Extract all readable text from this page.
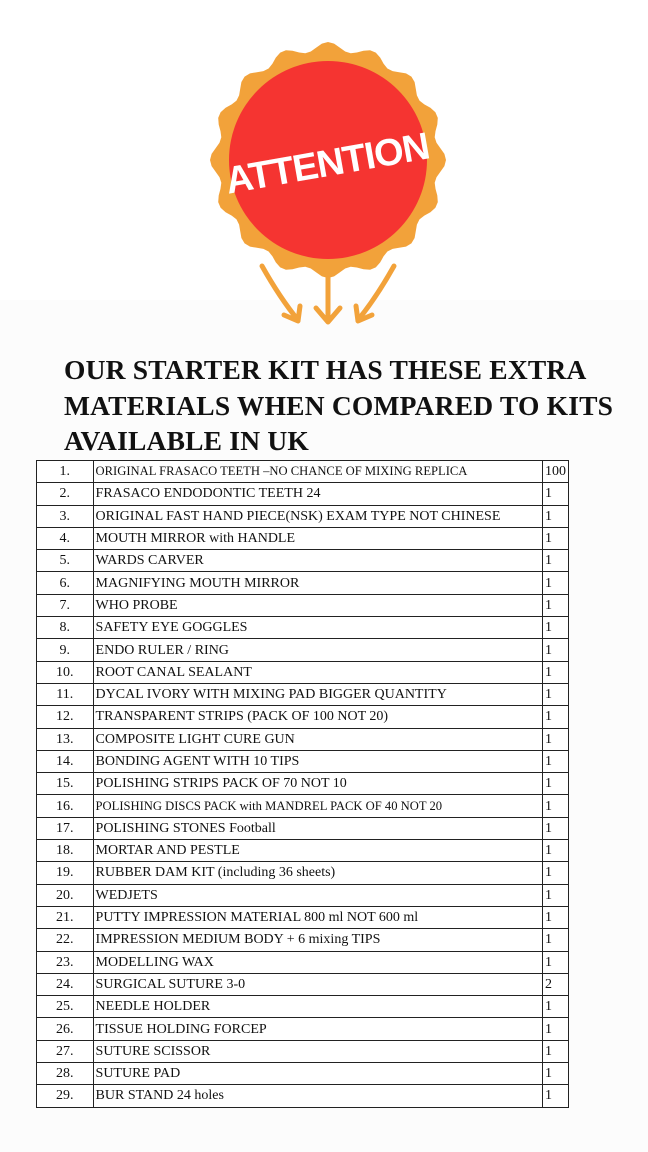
ATTENTION
OUR STARTER KIT HAS THESE EXTRA
MATERIALS WHEN COMPARED TO KITS
AVAILABLE IN UK
1.	ORIGINAL FRASACO TEETH –NO CHANCE OF MIXING REPLICA	100
2.	FRASACO ENDODONTIC TEETH 24	1
3.	ORIGINAL FAST HAND PIECE(NSK) EXAM TYPE NOT CHINESE	1
4.	MOUTH MIRROR with HANDLE	1
5.	WARDS CARVER	1
6.	MAGNIFYING MOUTH MIRROR	1
7.	WHO PROBE	1
8.	SAFETY EYE GOGGLES	1
9.	ENDO RULER / RING	1
10.	ROOT CANAL SEALANT	1
11.	DYCAL IVORY WITH MIXING PAD BIGGER QUANTITY	1
12.	TRANSPARENT STRIPS (PACK OF 100 NOT 20)	1
13.	COMPOSITE LIGHT CURE GUN	1
14.	BONDING AGENT WITH 10 TIPS	1
15.	POLISHING STRIPS PACK OF 70 NOT 10	1
16.	POLISHING DISCS PACK with MANDREL PACK OF 40 NOT 20	1
17.	POLISHING STONES Football	1
18.	MORTAR AND PESTLE	1
19.	RUBBER DAM KIT (including 36 sheets)	1
20.	WEDJETS	1
21.	PUTTY IMPRESSION MATERIAL 800 ml NOT 600 ml	1
22.	IMPRESSION MEDIUM BODY + 6 mixing TIPS	1
23.	MODELLING WAX	1
24.	SURGICAL SUTURE 3-0	2
25.	NEEDLE HOLDER	1
26.	TISSUE HOLDING FORCEP	1
27.	SUTURE SCISSOR	1
28.	SUTURE PAD	1
29.	BUR STAND 24 holes	1
